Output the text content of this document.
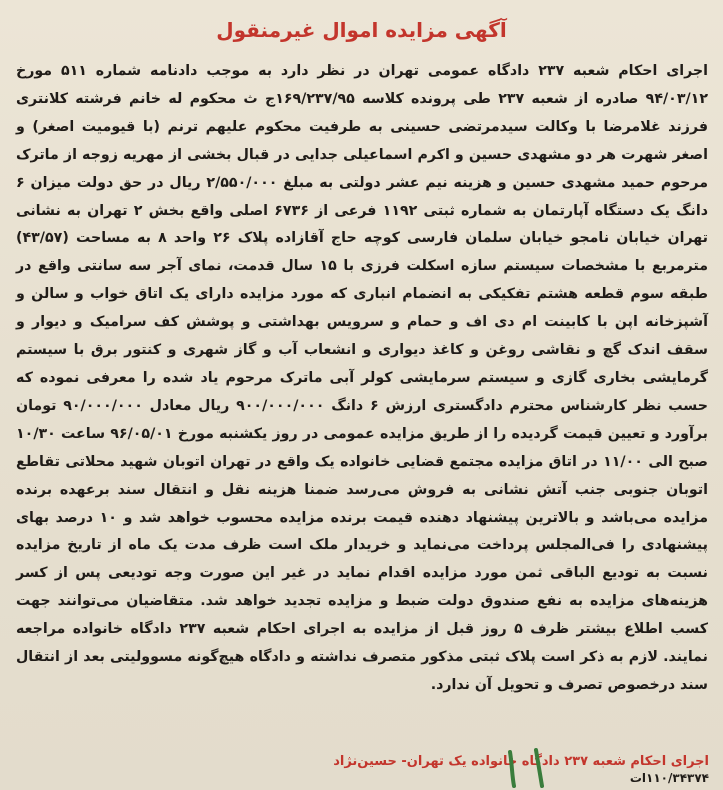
آگهی مزایده اموال غیرمنقول

اجرای احکام شعبه ۲۳۷ دادگاه عمومی تهران در نظر دارد به موجب دادنامه شماره ۵۱۱ مورخ ۹۴/۰۳/۱۲ صادره از شعبه ۲۳۷ طی پرونده کلاسه ۱۶۹/۲۳۷/۹۵ج ث محکوم له خانم فرشته کلانتری فرزند غلامرضا با وکالت سیدمرتضی حسینی به طرفیت محکوم علیهم ترنم (با قیومیت اصغر) و اصغر شهرت هر دو مشهدی حسین و اکرم اسماعیلی جدایی در قبال بخشی از مهریه زوجه از ماترک مرحوم حمید مشهدی حسین و هزینه نیم عشر دولتی به مبلغ ۲/۵۵۰/۰۰۰ ریال در حق دولت میزان ۶ دانگ یک دستگاه آپارتمان به شماره ثبتی ۱۱۹۲ فرعی از ۶۷۳۶ اصلی واقع بخش ۲ تهران به نشانی تهران خیابان نامجو خیابان سلمان فارسی کوچه حاج آقازاده پلاک ۲۶ واحد ۸ به مساحت (۴۳/۵۷) مترمربع با مشخصات سیستم سازه اسکلت فرزی با ۱۵ سال قدمت، نمای آجر سه سانتی واقع در طبقه سوم قطعه هشتم تفکیکی به انضمام انباری که مورد مزایده دارای یک اتاق خواب و سالن و آشپزخانه اپن با کابینت ام دی اف و حمام و سرویس بهداشتی و پوشش کف سرامیک و دیوار و سقف اندک گچ و نقاشی روغن و کاغذ دیواری و انشعاب آب و گاز شهری و کنتور برق با سیستم گرمایشی بخاری گازی و سیستم سرمایشی کولر آبی ماترک مرحوم یاد شده را معرفی نموده که حسب نظر کارشناس محترم دادگستری ارزش ۶ دانگ ۹۰۰/۰۰۰/۰۰۰ ریال معادل ۹۰/۰۰۰/۰۰۰ تومان برآورد و تعیین قیمت گردیده را از طریق مزایده عمومی در روز یکشنبه مورخ ۹۶/۰۵/۰۱ ساعت ۱۰/۳۰ صبح الی ۱۱/۰۰ در اتاق مزایده مجتمع قضایی خانواده یک واقع در تهران اتوبان شهید محلاتی تقاطع اتوبان جنوبی جنب آتش نشانی به فروش می‌رسد ضمنا هزینه نقل و انتقال سند برعهده برنده مزایده می‌باشد و بالاترین پیشنهاد دهنده قیمت برنده مزایده محسوب خواهد شد و ۱۰ درصد بهای پیشنهادی را فی‌المجلس پرداخت می‌نماید و خریدار ملک است ظرف مدت یک ماه از تاریخ مزایده نسبت به تودیع الباقی ثمن مورد مزایده اقدام نماید در غیر این صورت وجه تودیعی پس از کسر هزینه‌های مزایده به نفع صندوق دولت ضبط و مزایده تجدید خواهد شد. متقاضیان می‌توانند جهت کسب اطلاع بیشتر ظرف ۵ روز قبل از مزایده به اجرای احکام شعبه ۲۳۷ دادگاه خانواده مراجعه نمایند. لازم به ذکر است پلاک ثبتی مذکور متصرف نداشته و دادگاه هیچ‌گونه مسوولیتی بعد از انتقال سند درخصوص تصرف و تحویل آن ندارد.

اجرای احکام شعبه ۲۳۷ دادگاه خانواده یک تهران- حسین‌نژاد
۱۱۰/۳۴۳۷۴ات
